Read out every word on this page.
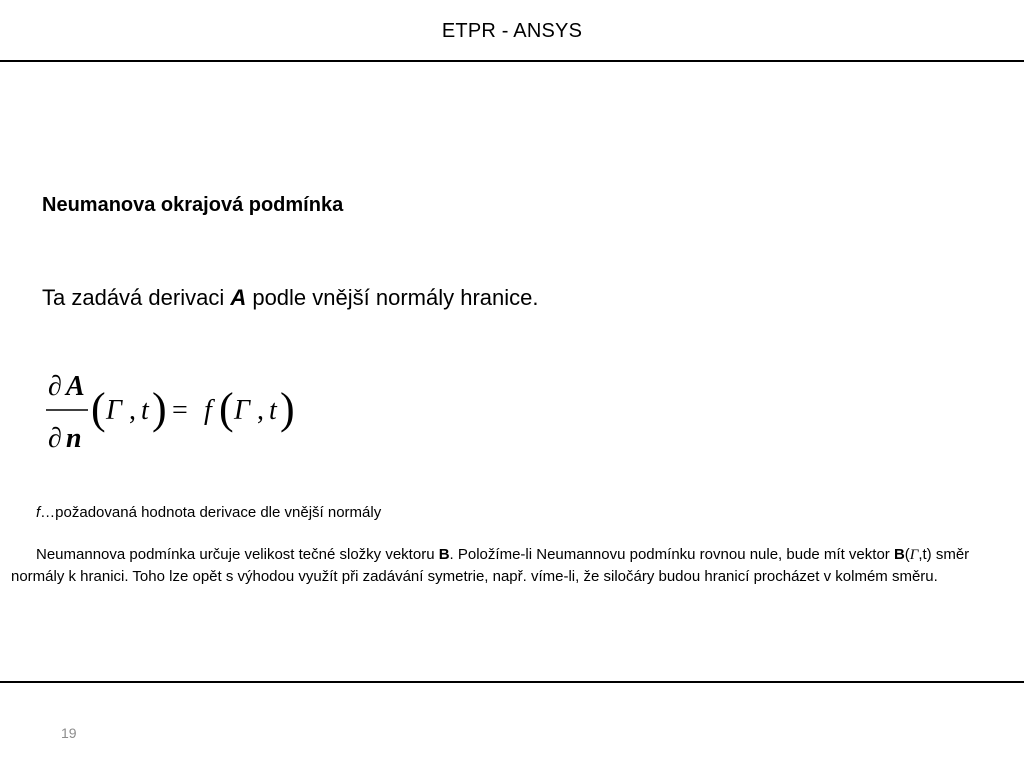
ETPR - ANSYS
Neumanova okrajová podmínka
Ta zadává derivaci A podle vnější normály hranice.
∂ A
∂ n
( Γ , t ) = f ( Γ , t )
f…požadovaná hodnota derivace dle vnější normály
Neumannova podmínka určuje velikost tečné složky vektoru B. Položíme-li Neumannovu podmínku rovnou nule, bude mít vektor B(Γ,t) směr normály k hranici. Toho lze opět s výhodou využít při zadávání symetrie, např. víme-li, že siločáry budou hranicí procházet v kolmém směru.
19
